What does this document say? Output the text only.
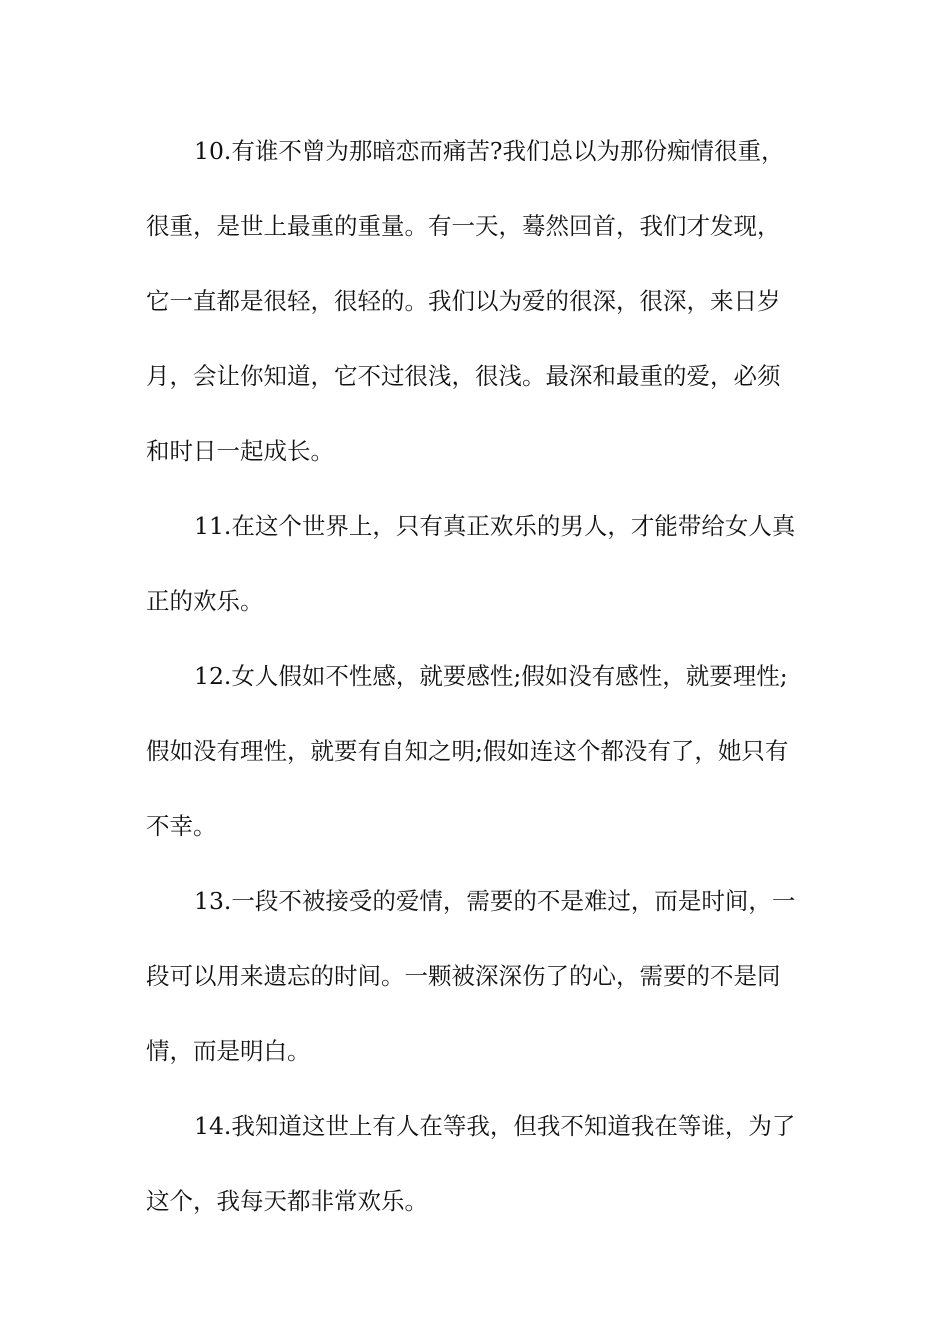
10.有谁不曾为那暗恋而痛苦?我们总以为那份痴情很重，
很重，是世上最重的重量。有一天，蓦然回首，我们才发现，
它一直都是很轻，很轻的。我们以为爱的很深，很深，来日岁
月，会让你知道，它不过很浅，很浅。最深和最重的爱，必须
和时日一起成长。
11.在这个世界上，只有真正欢乐的男人，才能带给女人真
正的欢乐。
12.女人假如不性感，就要感性;假如没有感性，就要理性;
假如没有理性，就要有自知之明;假如连这个都没有了，她只有
不幸。
13.一段不被接受的爱情，需要的不是难过，而是时间，一
段可以用来遗忘的时间。一颗被深深伤了的心，需要的不是同
情，而是明白。
14.我知道这世上有人在等我，但我不知道我在等谁，为了
这个，我每天都非常欢乐。
